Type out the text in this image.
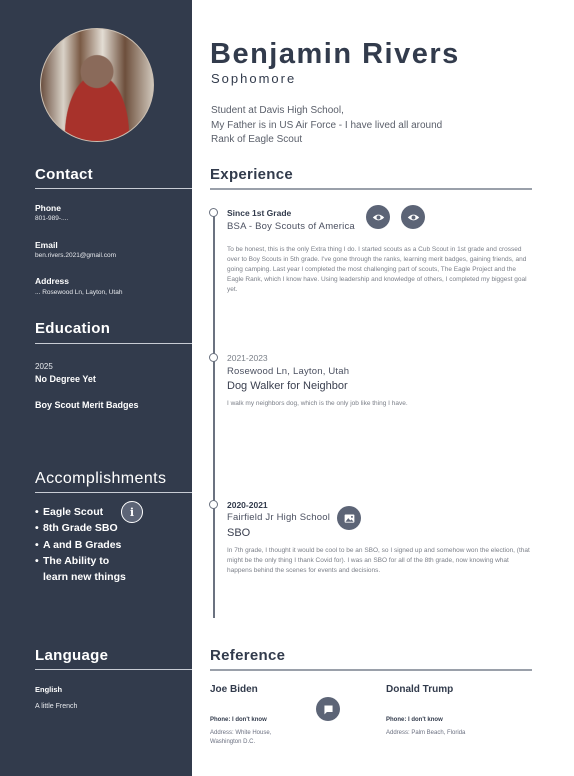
Contact
Phone
801-989-....
Email
ben.rivers.2021@gmail.com
Address
... Rosewood Ln, Layton, Utah
Education
2025
No Degree Yet
Boy Scout Merit Badges
Accomplishments
• Eagle Scout
• 8th Grade SBO
• A and B Grades
• The Ability to
learn new things
i
Language
English
A little French
Benjamin Rivers
Sophomore
Student at Davis High School,
My Father is in US Air Force - I have lived all around
Rank of Eagle Scout
Experience
Since 1st Grade
BSA - Boy Scouts of America
To be honest, this is the only Extra thing I do. I started scouts as a Cub Scout in 1st grade and crossed over to Boy Scouts in 5th grade. I've gone through the ranks, learning merit badges, gaining friends, and going camping. Last year I completed the most challenging part of scouts, The Eagle Project and the Eagle Rank, which I know have. Using leadership and knowledge of others, I completed my biggest goal yet.
2021-2023
Rosewood Ln, Layton, Utah
Dog Walker for Neighbor
I walk my neighbors dog, which is the only job like thing I have.
2020-2021
Fairfield Jr High School
SBO
In 7th grade, I thought it would be cool to be an SBO, so I signed up and somehow won the election, (that might be the only thing I thank Covid for). I was an SBO for all of the 8th grade, now knowing what happens behind the scenes for events and decisions.
Reference
Joe Biden
Phone: I don't know
Address: White House,
Washington D.C.
Donald Trump
Phone: I don't know
Address: Palm Beach, Florida
